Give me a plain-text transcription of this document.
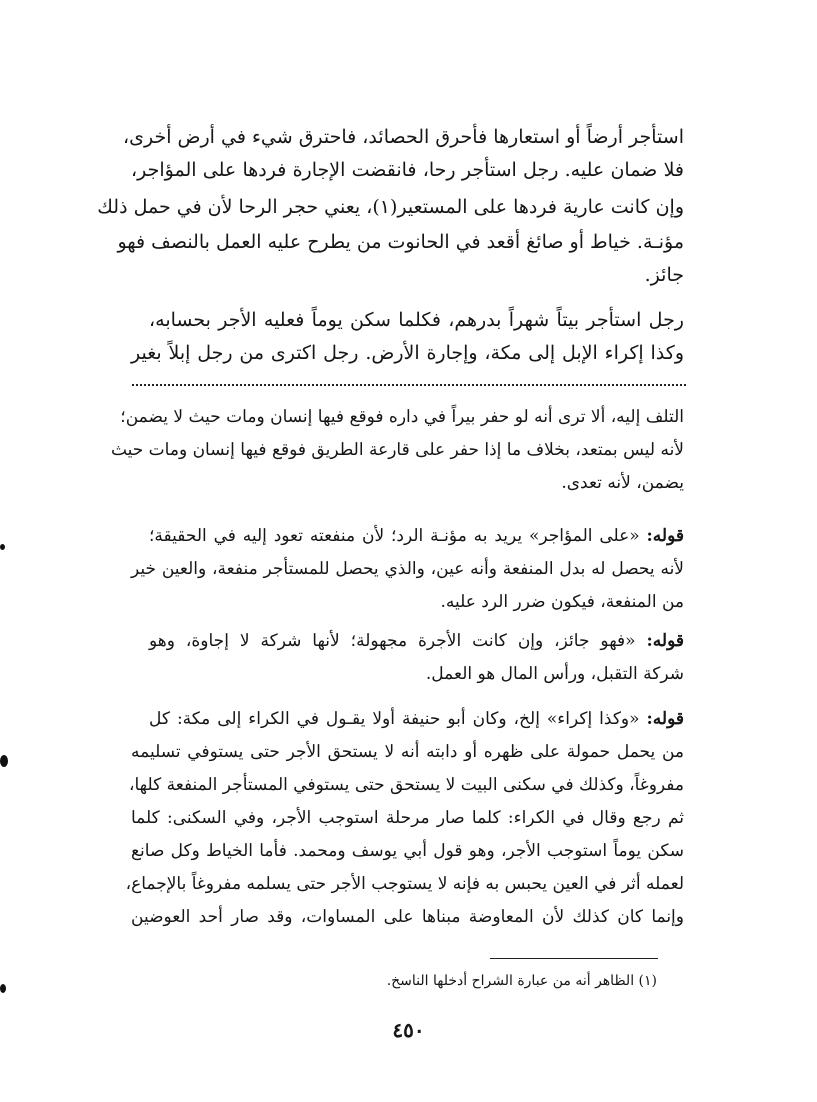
استأجر أرضاً أو استعارها فأحرق الحصائد، فاحترق شيء في أرض أخرى،
فلا ضمان عليه. رجل استأجر رحا، فانقضت الإجارة فردها على المؤاجر،
وإن كانت عارية فردها على المستعير(١)، يعني حجر الرحا لأن في حمل ذلك
مؤنـة. خياط أو صائغ أقعد في الحانوت من يطرح عليه العمل بالنصف فهو
جائز.
رجل استأجر بيتاً شهراً بدرهم، فكلما سكن يوماً فعليه الأجر بحسابه،
وكذا إكراء الإبل إلى مكة، وإجارة الأرض. رجل اكترى من رجل إبلاً بغير
التلف إليه، ألا ترى أنه لو حفر بيراً في داره فوقع فيها إنسان ومات حيث لا يضمن؛
لأنه ليس بمتعد، بخلاف ما إذا حفر على قارعة الطريق فوقع فيها إنسان ومات حيث
يضمن، لأنه تعدى.
قوله: «على المؤاجر» يريد به مؤنـة الرد؛ لأن منفعته تعود إليه في الحقيقة؛
لأنه يحصل له بدل المنفعة وأنه عين، والذي يحصل للمستأجر منفعة، والعين خير
من المنفعة، فيكون ضرر الرد عليه.
قوله: «فهو جائز، وإن كانت الأجرة مجهولة؛ لأنها شركة لا إجاوة، وهو
شركة التقبل، ورأس المال هو العمل.
قوله: «وكذا إكراء» إلخ، وكان أبو حنيفة أولا يقـول في الكراء إلى مكة: كل
من يحمل حمولة على ظهره أو دابته أنه لا يستحق الأجر حتى يستوفي تسليمه
مفروغاً، وكذلك في سكنى البيت لا يستحق حتى يستوفي المستأجر المنفعة كلها،
ثم رجع وقال في الكراء: كلما صار مرحلة استوجب الأجر، وفي السكنى: كلما
سكن يوماً استوجب الأجر، وهو قول أبي يوسف ومحمد. فأما الخياط وكل صانع
لعمله أثر في العين يحبس به فإنه لا يستوجب الأجر حتى يسلمه مفروغاً بالإجماع،
وإنما كان كذلك لأن المعاوضة مبناها على المساوات، وقد صار أحد العوضين
(١) الظاهر أنه من عبارة الشراح أدخلها الناسخ.
٤٥٠
